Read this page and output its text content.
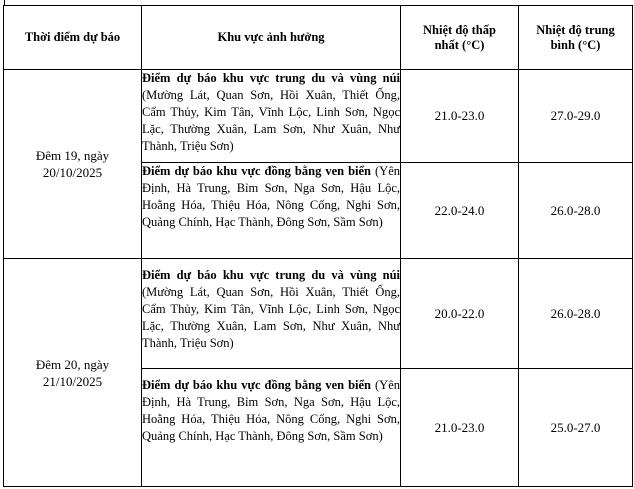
Thời điểm dự báo	Khu vực ảnh hưởng	Nhiệt độ thấp nhất (°C)	Nhiệt độ trung bình (°C)
Đêm 19, ngày 20/10/2025	Điểm dự báo khu vực trung du và vùng núi (Mường Lát, Quan Sơn, Hồi Xuân, Thiết Ống, Cẩm Thủy, Kim Tân, Vĩnh Lộc, Linh Sơn, Ngọc Lặc, Thường Xuân, Lam Sơn, Như Xuân, Như Thành, Triệu Sơn)	21.0-23.0	27.0-29.0
	Điểm dự báo khu vực đồng bằng ven biển (Yên Định, Hà Trung, Bỉm Sơn, Nga Sơn, Hậu Lộc, Hoằng Hóa, Thiệu Hóa, Nông Cống, Nghi Sơn, Quảng Chính, Hạc Thành, Đông Sơn, Sầm Sơn)	22.0-24.0	26.0-28.0
Đêm 20, ngày 21/10/2025	Điểm dự báo khu vực trung du và vùng núi (Mường Lát, Quan Sơn, Hồi Xuân, Thiết Ống, Cẩm Thủy, Kim Tân, Vĩnh Lộc, Linh Sơn, Ngọc Lặc, Thường Xuân, Lam Sơn, Như Xuân, Như Thành, Triệu Sơn)	20.0-22.0	26.0-28.0
	Điểm dự báo khu vực đồng bằng ven biển (Yên Định, Hà Trung, Bỉm Sơn, Nga Sơn, Hậu Lộc, Hoằng Hóa, Thiệu Hóa, Nông Cống, Nghi Sơn, Quảng Chính, Hạc Thành, Đông Sơn, Sầm Sơn)	21.0-23.0	25.0-27.0
